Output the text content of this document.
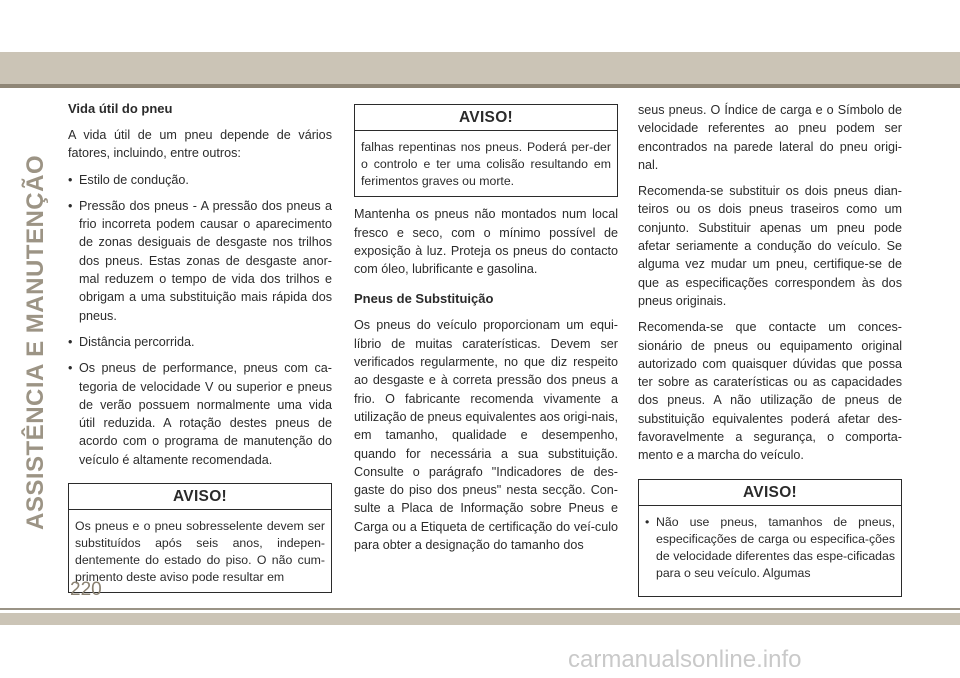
ASSISTÊNCIA E MANUTENÇÃO
Vida útil do pneu

A vida útil de um pneu depende de vários fatores, incluindo, entre outros:

• Estilo de condução.
• Pressão dos pneus - A pressão dos pneus a frio incorreta podem causar o aparecimento de zonas desiguais de desgaste nos trilhos dos pneus. Estas zonas de desgaste anor-mal reduzem o tempo de vida dos trilhos e obrigam a uma substituição mais rápida dos pneus.
• Distância percorrida.
• Os pneus de performance, pneus com ca-tegoria de velocidade V ou superior e pneus de verão possuem normalmente uma vida útil reduzida. A rotação destes pneus de acordo com o programa de manutenção do veículo é altamente recomendada.
AVISO!
Os pneus e o pneu sobresselente devem ser substituídos após seis anos, indepen-dentemente do estado do piso. O não cum-primento deste aviso pode resultar em
AVISO!
falhas repentinas nos pneus. Poderá per-der o controlo e ter uma colisão resultando em ferimentos graves ou morte.

Mantenha os pneus não montados num local fresco e seco, com o mínimo possível de exposição à luz. Proteja os pneus do contacto com óleo, lubrificante e gasolina.

Pneus de Substituição

Os pneus do veículo proporcionam um equi-líbrio de muitas caraterísticas. Devem ser verificados regularmente, no que diz respeito ao desgaste e à correta pressão dos pneus a frio. O fabricante recomenda vivamente a utilização de pneus equivalentes aos origi-nais, em tamanho, qualidade e desempenho, quando for necessária a sua substituição. Consulte o parágrafo "Indicadores de des-gaste do piso dos pneus" nesta secção. Con-sulte a Placa de Informação sobre Pneus e Carga ou a Etiqueta de certificação do veí-culo para obter a designação do tamanho dos

seus pneus. O Índice de carga e o Símbolo de velocidade referentes ao pneu podem ser encontrados na parede lateral do pneu origi-nal.

Recomenda-se substituir os dois pneus dian-teiros ou os dois pneus traseiros como um conjunto. Substituir apenas um pneu pode afetar seriamente a condução do veículo. Se alguma vez mudar um pneu, certifique-se de que as especificações correspondem às dos pneus originais.

Recomenda-se que contacte um conces-sionário de pneus ou equipamento original autorizado com quaisquer dúvidas que possa ter sobre as caraterísticas ou as capacidades dos pneus. A não utilização de pneus de substituição equivalentes poderá afetar des-favoravelmente a segurança, o comporta-mento e a marcha do veículo.

AVISO!
• Não use pneus, tamanhos de pneus, especificações de carga ou especifica-ções de velocidade diferentes das espe-cificadas para o seu veículo. Algumas
220
carmanualsonline.info
